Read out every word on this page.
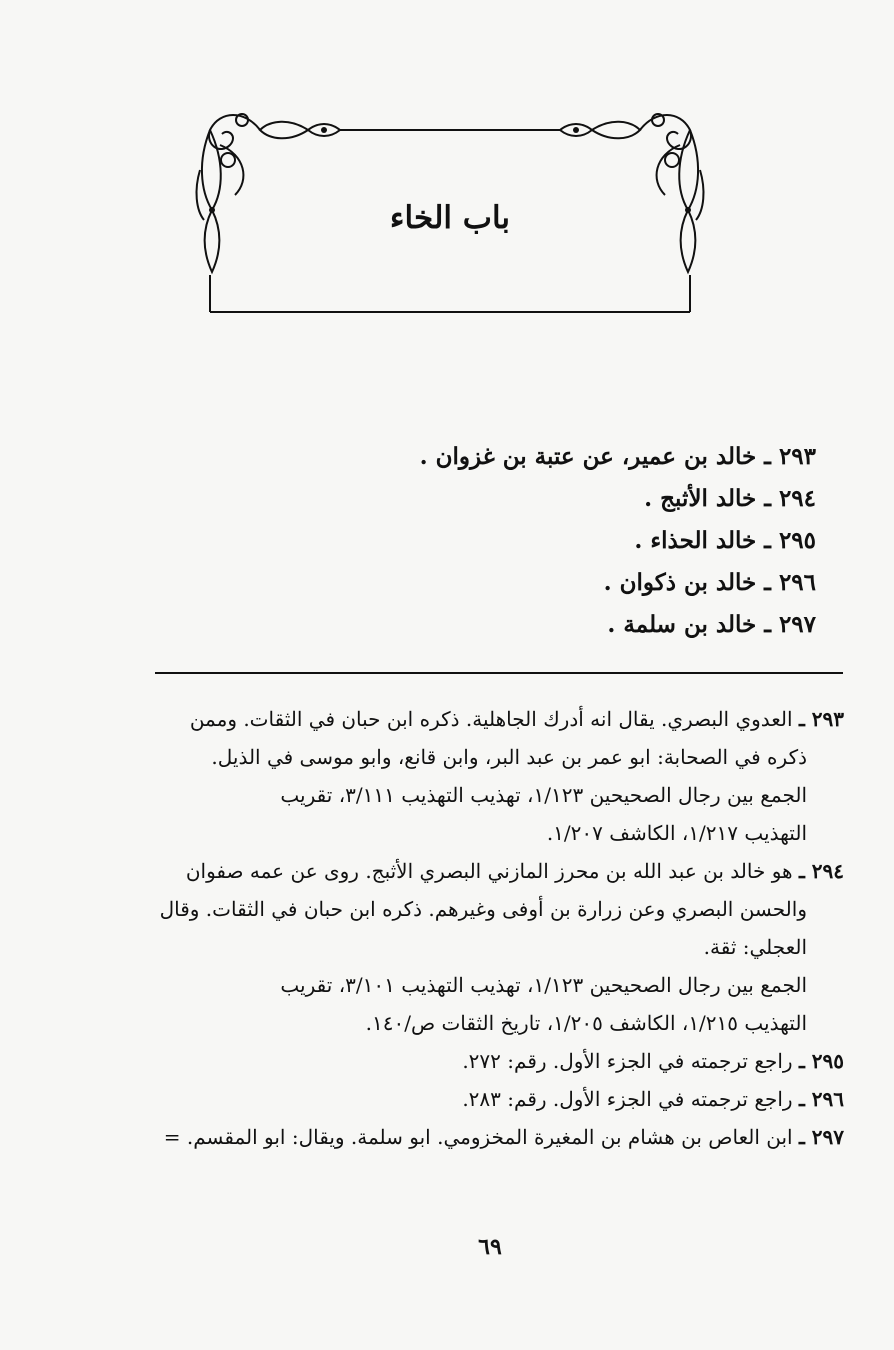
باب الخاء
٢٩٣ ـ خالد بن عمير، عن عتبة بن غزوان .
٢٩٤ ـ خالد الأثبج .
٢٩٥ ـ خالد الحذاء .
٢٩٦ ـ خالد بن ذكوان .
٢٩٧ ـ خالد بن سلمة .
٢٩٣ ـ العدوي البصري. يقال انه أدرك الجاهلية. ذكره ابن حبان في الثقات. وممن
ذكره في الصحابة: ابو عمر بن عبد البر، وابن قانع، وابو موسى في الذيل.
الجمع بين رجال الصحيحين ١/١٢٣، تهذيب التهذيب ٣/١١١، تقريب
التهذيب ١/٢١٧، الكاشف ١/٢٠٧.
٢٩٤ ـ هو خالد بن عبد الله بن محرز المازني البصري الأثبج. روى عن عمه صفوان
والحسن البصري وعن زرارة بن أوفى وغيرهم. ذكره ابن حبان في الثقات. وقال
العجلي: ثقة.
الجمع بين رجال الصحيحين ١/١٢٣، تهذيب التهذيب ٣/١٠١، تقريب
التهذيب ١/٢١٥، الكاشف ١/٢٠٥، تاريخ الثقات ص/١٤٠.
٢٩٥ ـ راجع ترجمته في الجزء الأول. رقم: ٢٧٢.
٢٩٦ ـ راجع ترجمته في الجزء الأول. رقم: ٢٨٣.
٢٩٧ ـ ابن العاص بن هشام بن المغيرة المخزومي. ابو سلمة. ويقال: ابو المقسم. =
٦٩
